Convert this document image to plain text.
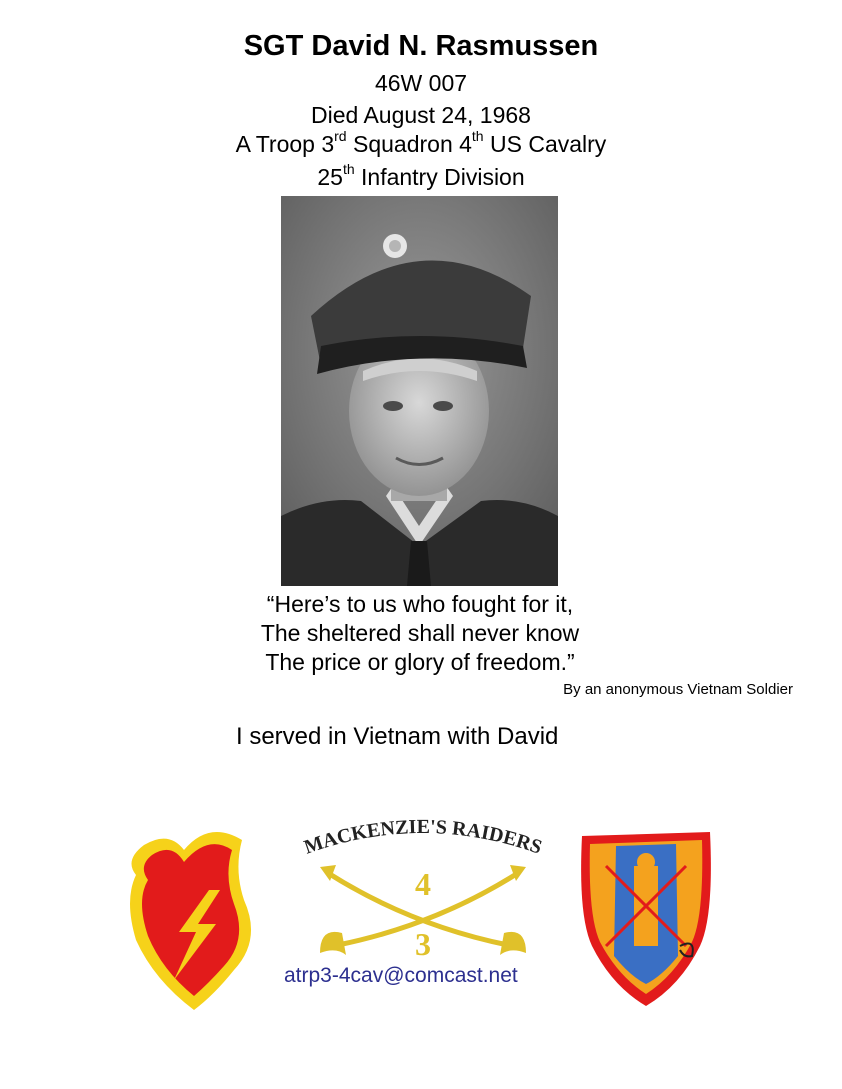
SGT David N. Rasmussen
46W 007
Died August 24, 1968
A Troop 3rd Squadron 4th US Cavalry
25th Infantry Division
“Here’s to us who fought for it,
The sheltered shall never know
The price or glory of freedom.”
By an anonymous Vietnam Soldier
I served in Vietnam with David
MACKENZIE'S RAIDERS
4
3
atrp3-4cav@comcast.net
